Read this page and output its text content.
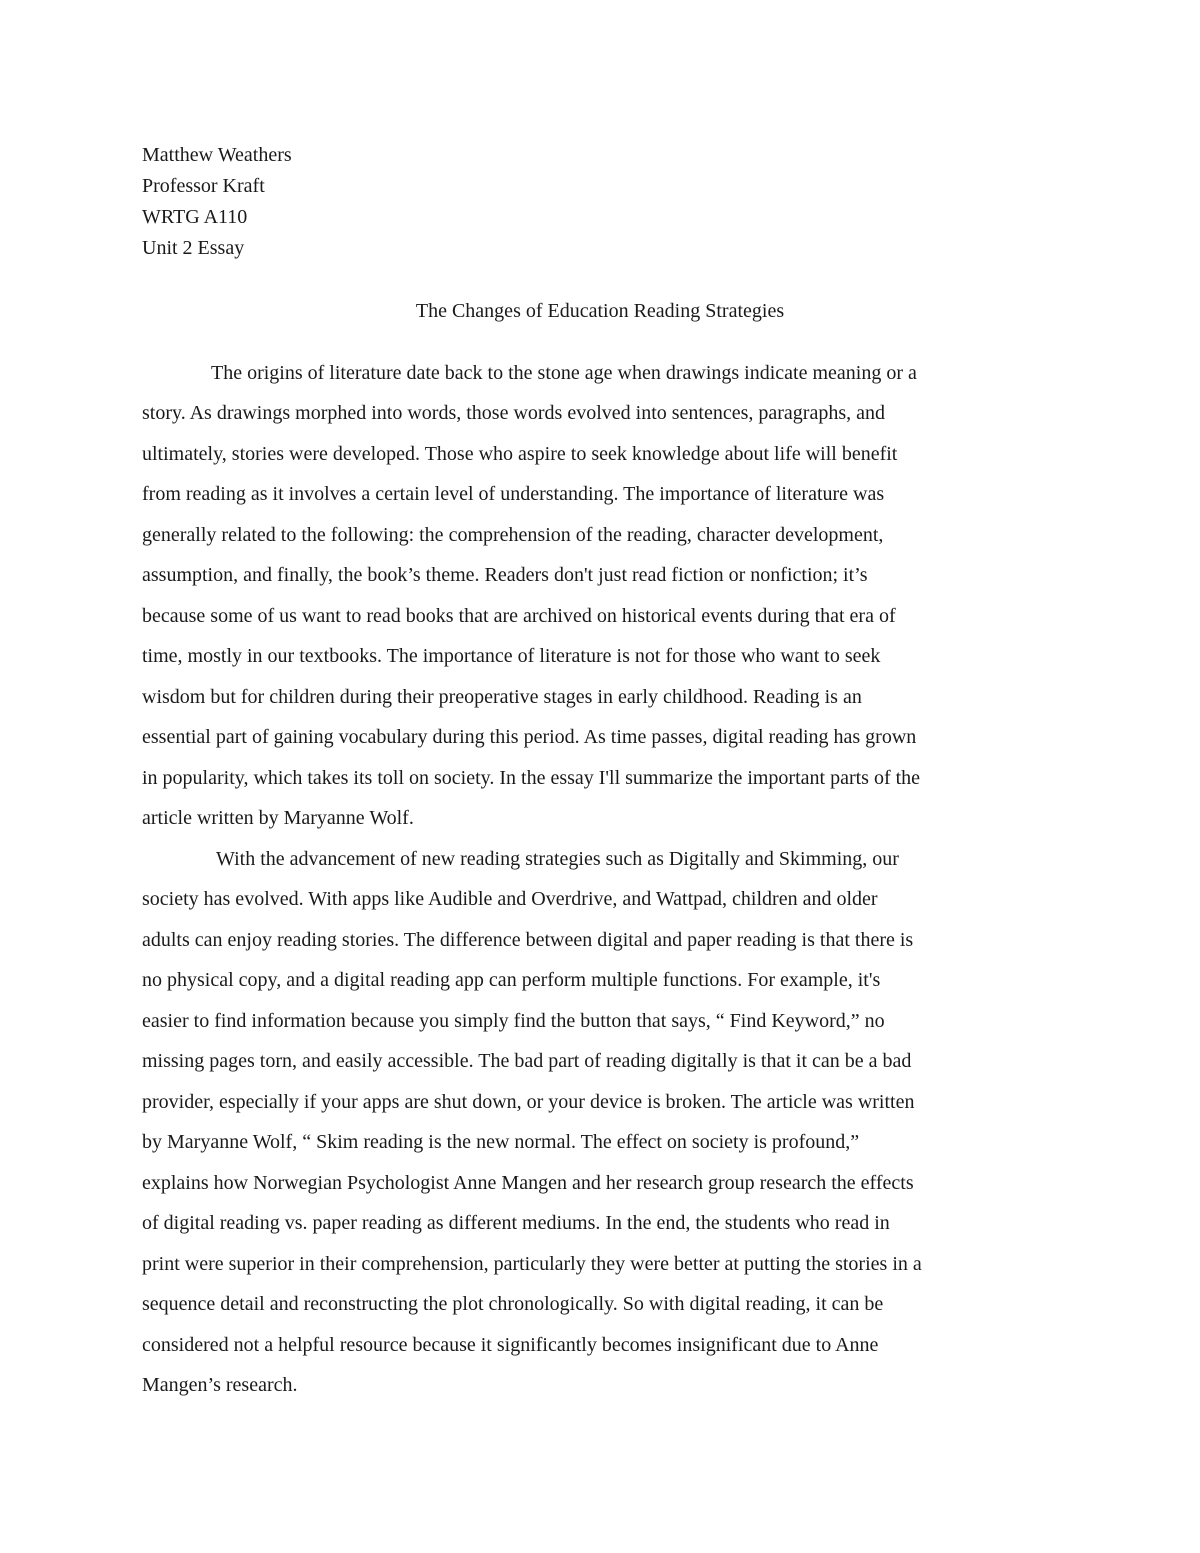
Matthew Weathers
Professor Kraft
WRTG A110
Unit 2 Essay
The Changes of Education Reading Strategies
The origins of literature date back to the stone age when drawings indicate meaning or a
story. As drawings morphed into words, those words evolved into sentences, paragraphs, and
ultimately, stories were developed. Those who aspire to seek knowledge about life will benefit
from reading as it involves a certain level of understanding. The importance of literature was
generally related to the following: the comprehension of the reading, character development,
assumption, and finally, the book’s theme. Readers don't just read fiction or nonfiction; it’s
because some of us want to read books that are archived on historical events during that era of
time, mostly in our textbooks. The importance of literature is not for those who want to seek
wisdom but for children during their preoperative stages in early childhood. Reading is an
essential part of gaining vocabulary during this period. As time passes, digital reading has grown
in popularity, which takes its toll on society. In the essay I'll summarize the important parts of the
article written by Maryanne Wolf.
With the advancement of new reading strategies such as Digitally and Skimming, our
society has evolved. With apps like Audible and Overdrive, and Wattpad, children and older
adults can enjoy reading stories. The difference between digital and paper reading is that there is
no physical copy, and a digital reading app can perform multiple functions. For example, it's
easier to find information because you simply find the button that says, “ Find Keyword,” no
missing pages torn, and easily accessible. The bad part of reading digitally is that it can be a bad
provider, especially if your apps are shut down, or your device is broken. The article was written
by Maryanne Wolf, “ Skim reading is the new normal. The effect on society is profound,”
explains how Norwegian Psychologist Anne Mangen and her research group research the effects
of digital reading vs. paper reading as different mediums. In the end, the students who read in
print were superior in their comprehension, particularly they were better at putting the stories in a
sequence detail and reconstructing the plot chronologically. So with digital reading, it can be
considered not a helpful resource because it significantly becomes insignificant due to Anne
Mangen’s research.
